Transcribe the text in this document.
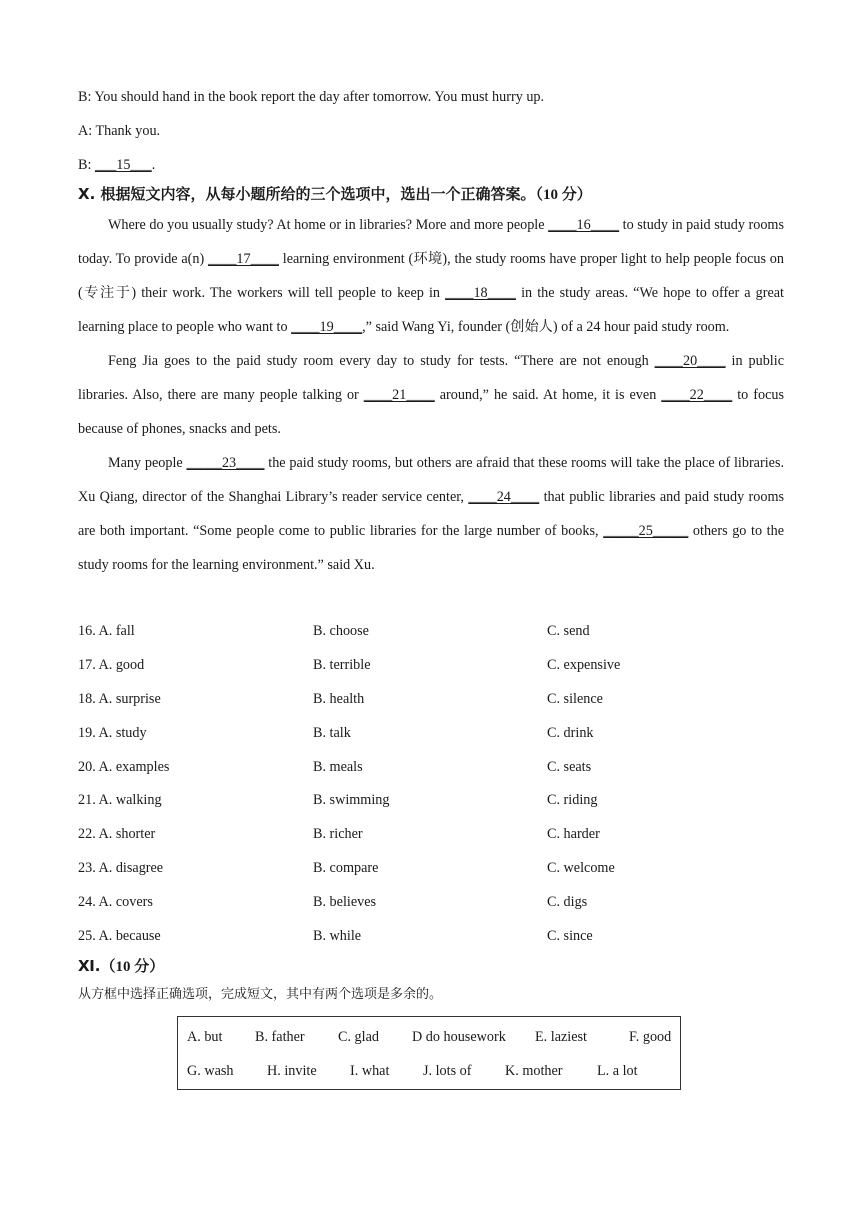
B: You should hand in the book report the day after tomorrow. You must hurry up.
A: Thank you.
B: ___15___.
Ⅹ. 根据短文内容，从每小题所给的三个选项中，选出一个正确答案。（10 分）

Where do you usually study? At home or in libraries? More and more people ____16____ to study in paid study rooms today. To provide a(n) ____17____ learning environment (环境), the study rooms have proper light to help people focus on (专注于) their work. The workers will tell people to keep in ____18____ in the study areas. “We hope to offer a great learning place to people who want to ____19____,” said Wang Yi, founder (创始人) of a 24 hour paid study room.

Feng Jia goes to the paid study room every day to study for tests. “There are not enough ____20____ in public libraries. Also, there are many people talking or ____21____ around,” he said. At home, it is even ____22____ to focus because of phones, snacks and pets.

Many people _____23____ the paid study rooms, but others are afraid that these rooms will take the place of libraries. Xu Qiang, director of the Shanghai Library’s reader service center, ____24____ that public libraries and paid study rooms are both important. “Some people come to public libraries for the large number of books, _____25_____ others go to the study rooms for the learning environment.” said Xu.

16. A. fall	B. choose	C. send
17. A. good	B. terrible	C. expensive
18. A. surprise	B. health	C. silence
19. A. study	B. talk	C. drink
20. A. examples	B. meals	C. seats
21. A. walking	B. swimming	C. riding
22. A. shorter	B. richer	C. harder
23. A. disagree	B. compare	C. welcome
24. A. covers	B. believes	C. digs
25. A. because	B. while	C. since
Ⅺ.（10 分）
从方框中选择正确选项，完成短文，其中有两个选项是多余的。
A. but B. father C. glad D do housework E. laziest	F. good
G. wash H. invite I. what J. lots of K. mother L. a lot
